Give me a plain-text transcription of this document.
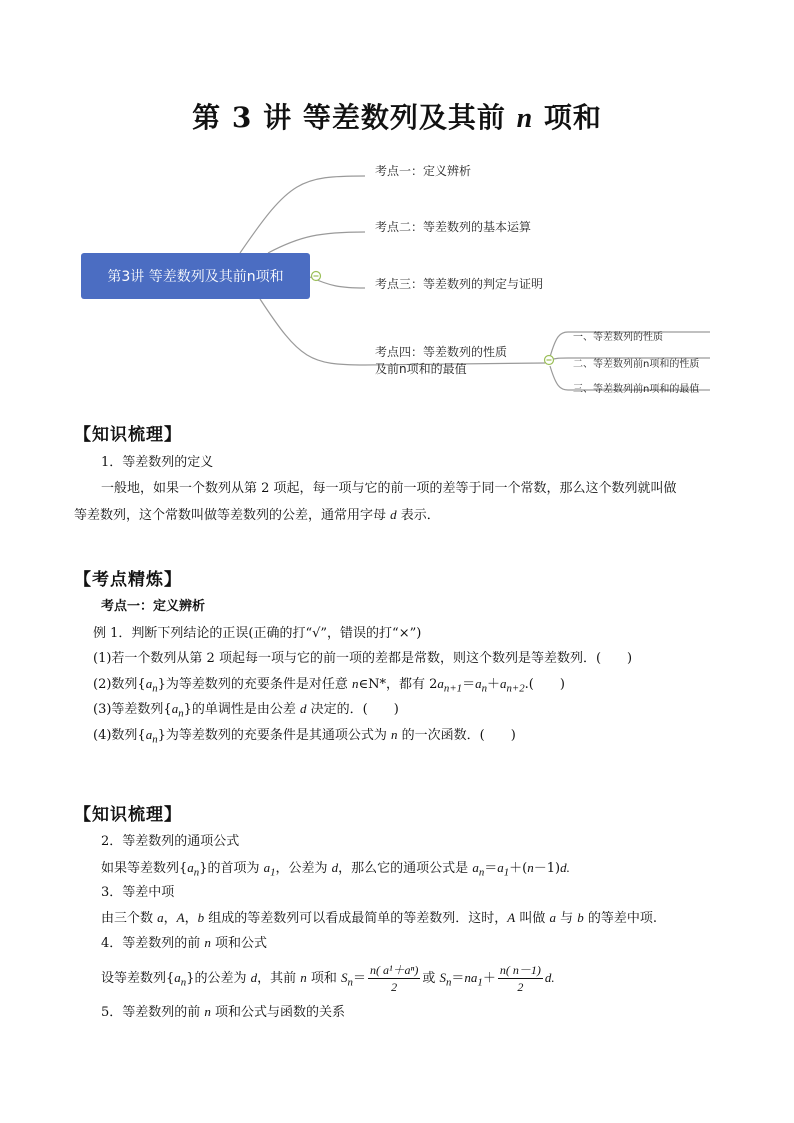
第 3 讲 等差数列及其前 n 项和
第3讲 等差数列及其前n项和
考点一：定义辨析
考点二：等差数列的基本运算
考点三：等差数列的判定与证明
考点四：等差数列的性质
及前n项和的最值
一、等差数列的性质
二、等差数列前n项和的性质
三、等差数列前n项和的最值
【知识梳理】
1．等差数列的定义
一般地，如果一个数列从第 2 项起，每一项与它的前一项的差等于同一个常数，那么这个数列就叫做
等差数列，这个常数叫做等差数列的公差，通常用字母 d 表示．
【考点精炼】
考点一：定义辨析
例 1．判断下列结论的正误(正确的打“√”，错误的打“×”)
(1)若一个数列从第 2 项起每一项与它的前一项的差都是常数，则这个数列是等差数列．(　　)
(2)数列$\{a_n\}$为等差数列的充要条件是对任意 n∈N*，都有 $2a_{n+1}=a_n+a_{n+2}$.(　　)
(3)等差数列$\{a_n\}$的单调性是由公差 d 决定的．(　　)
(4)数列$\{a_n\}$为等差数列的充要条件是其通项公式为 n 的一次函数．(　　)
【知识梳理】
2．等差数列的通项公式
如果等差数列$\{a_n\}$的首项为 $a_1$，公差为 d，那么它的通项公式是 $a_n=a_1+(n-1)d$.
3．等差中项
由三个数 a，A，b 组成的等差数列可以看成最简单的等差数列．这时，A 叫做 a 与 b 的等差中项.
4．等差数列的前 n 项和公式
设等差数列$\{a_n\}$的公差为 d，其前 n 项和 $S_n= \frac{\text{n( a¹＋aⁿ)}}{2}$ 或 $S_n=na_1+ \frac{n( n-1)}{2} d$.
5．等差数列的前 n 项和公式与函数的关系
